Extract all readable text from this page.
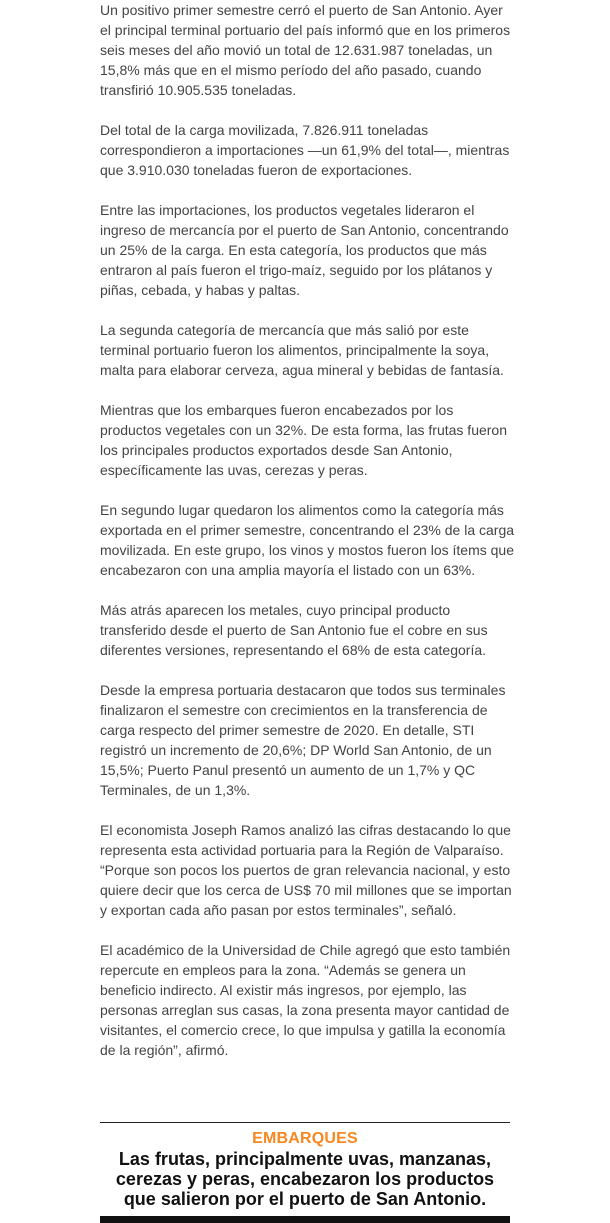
Un positivo primer semestre cerró el puerto de San Antonio. Ayer el principal terminal portuario del país informó que en los primeros seis meses del año movió un total de 12.631.987 toneladas, un 15,8% más que en el mismo período del año pasado, cuando transfirió 10.905.535 toneladas.

Del total de la carga movilizada, 7.826.911 toneladas correspondieron a importaciones —un 61,9% del total—, mientras que 3.910.030 toneladas fueron de exportaciones.

Entre las importaciones, los productos vegetales lideraron el ingreso de mercancía por el puerto de San Antonio, concentrando un 25% de la carga. En esta categoría, los productos que más entraron al país fueron el trigo-maíz, seguido por los plátanos y piñas, cebada, y habas y paltas.

La segunda categoría de mercancía que más salió por este terminal portuario fueron los alimentos, principalmente la soya, malta para elaborar cerveza, agua mineral y bebidas de fantasía.

Mientras que los embarques fueron encabezados por los productos vegetales con un 32%. De esta forma, las frutas fueron los principales productos exportados desde San Antonio, específicamente las uvas, cerezas y peras.

En segundo lugar quedaron los alimentos como la categoría más exportada en el primer semestre, concentrando el 23% de la carga movilizada. En este grupo, los vinos y mostos fueron los ítems que encabezaron con una amplia mayoría el listado con un 63%.

Más atrás aparecen los metales, cuyo principal producto transferido desde el puerto de San Antonio fue el cobre en sus diferentes versiones, representando el 68% de esta categoría.

Desde la empresa portuaria destacaron que todos sus terminales finalizaron el semestre con crecimientos en la transferencia de carga respecto del primer semestre de 2020. En detalle, STI registró un incremento de 20,6%; DP World San Antonio, de un 15,5%; Puerto Panul presentó un aumento de un 1,7% y QC Terminales, de un 1,3%.

El economista Joseph Ramos analizó las cifras destacando lo que representa esta actividad portuaria para la Región de Valparaíso. “Porque son pocos los puertos de gran relevancia nacional, y esto quiere decir que los cerca de US$ 70 mil millones que se importan y exportan cada año pasan por estos terminales”, señaló.

El académico de la Universidad de Chile agregó que esto también repercute en empleos para la zona. “Además se genera un beneficio indirecto. Al existir más ingresos, por ejemplo, las personas arreglan sus casas, la zona presenta mayor cantidad de visitantes, el comercio crece, lo que impulsa y gatilla la economía de la región”, afirmó.

EMBARQUES
Las frutas, principalmente uvas, manzanas, cerezas y peras, encabezaron los productos que salieron por el puerto de San Antonio.
